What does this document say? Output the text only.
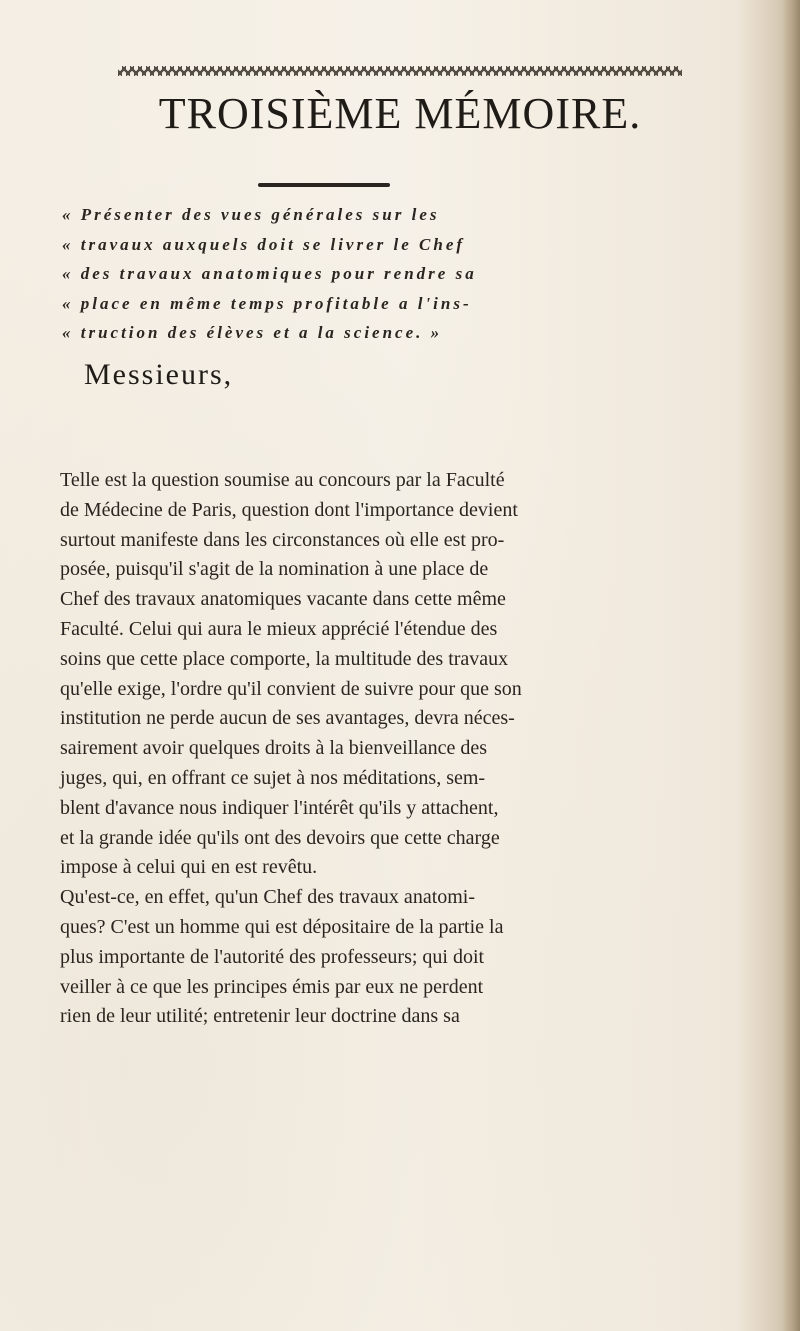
TROISIÈME MÉMOIRE.
« Présenter des vues générales sur les
« travaux auxquels doit se livrer le Chef
« des travaux anatomiques pour rendre sa
« place en même temps profitable a l'ins-
« truction des élèves et a la science. »
Messieurs,
Telle est la question soumise au concours par la Faculté
de Médecine de Paris, question dont l'importance devient
surtout manifeste dans les circonstances où elle est pro-
posée, puisqu'il s'agit de la nomination à une place de
Chef des travaux anatomiques vacante dans cette même
Faculté. Celui qui aura le mieux apprécié l'étendue des
soins que cette place comporte, la multitude des travaux
qu'elle exige, l'ordre qu'il convient de suivre pour que son
institution ne perde aucun de ses avantages, devra néces-
sairement avoir quelques droits à la bienveillance des
juges, qui, en offrant ce sujet à nos méditations, sem-
blent d'avance nous indiquer l'intérêt qu'ils y attachent,
et la grande idée qu'ils ont des devoirs que cette charge
impose à celui qui en est revêtu.
Qu'est-ce, en effet, qu'un Chef des travaux anatomi-
ques? C'est un homme qui est dépositaire de la partie la
plus importante de l'autorité des professeurs; qui doit
veiller à ce que les principes émis par eux ne perdent
rien de leur utilité; entretenir leur doctrine dans sa
